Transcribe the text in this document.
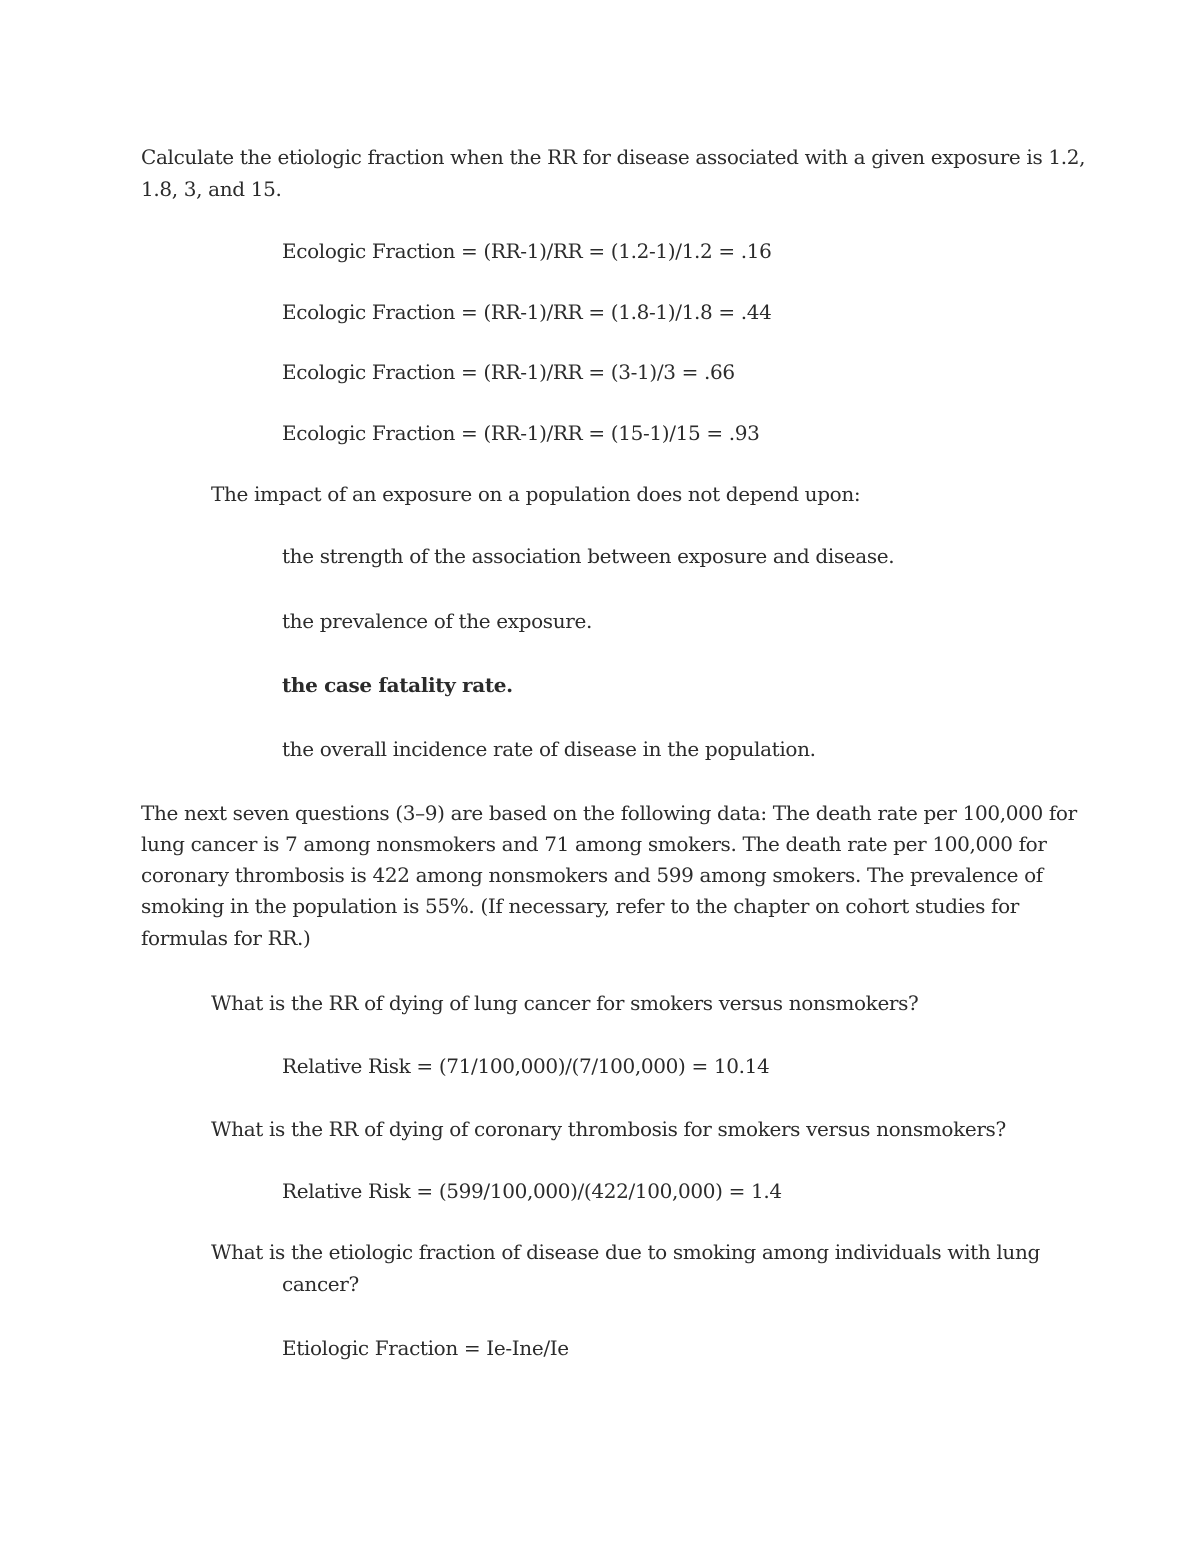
Calculate the etiologic fraction when the RR for disease associated with a given exposure is 1.2,
1.8, 3, and 15.
Ecologic Fraction = (RR-1)/RR = (1.2-1)/1.2 = .16
Ecologic Fraction = (RR-1)/RR = (1.8-1)/1.8 = .44
Ecologic Fraction = (RR-1)/RR = (3-1)/3 = .66
Ecologic Fraction = (RR-1)/RR = (15-1)/15 = .93
The impact of an exposure on a population does not depend upon:
the strength of the association between exposure and disease.
the prevalence of the exposure.
the case fatality rate.
the overall incidence rate of disease in the population.
The next seven questions (3–9) are based on the following data: The death rate per 100,000 for
lung cancer is 7 among nonsmokers and 71 among smokers. The death rate per 100,000 for
coronary thrombosis is 422 among nonsmokers and 599 among smokers. The prevalence of
smoking in the population is 55%. (If necessary, refer to the chapter on cohort studies for
formulas for RR.)
What is the RR of dying of lung cancer for smokers versus nonsmokers?
Relative Risk = (71/100,000)/(7/100,000) = 10.14
What is the RR of dying of coronary thrombosis for smokers versus nonsmokers?
Relative Risk = (599/100,000)/(422/100,000) = 1.4
What is the etiologic fraction of disease due to smoking among individuals with lung
cancer?
Etiologic Fraction = Ie-Ine/Ie
